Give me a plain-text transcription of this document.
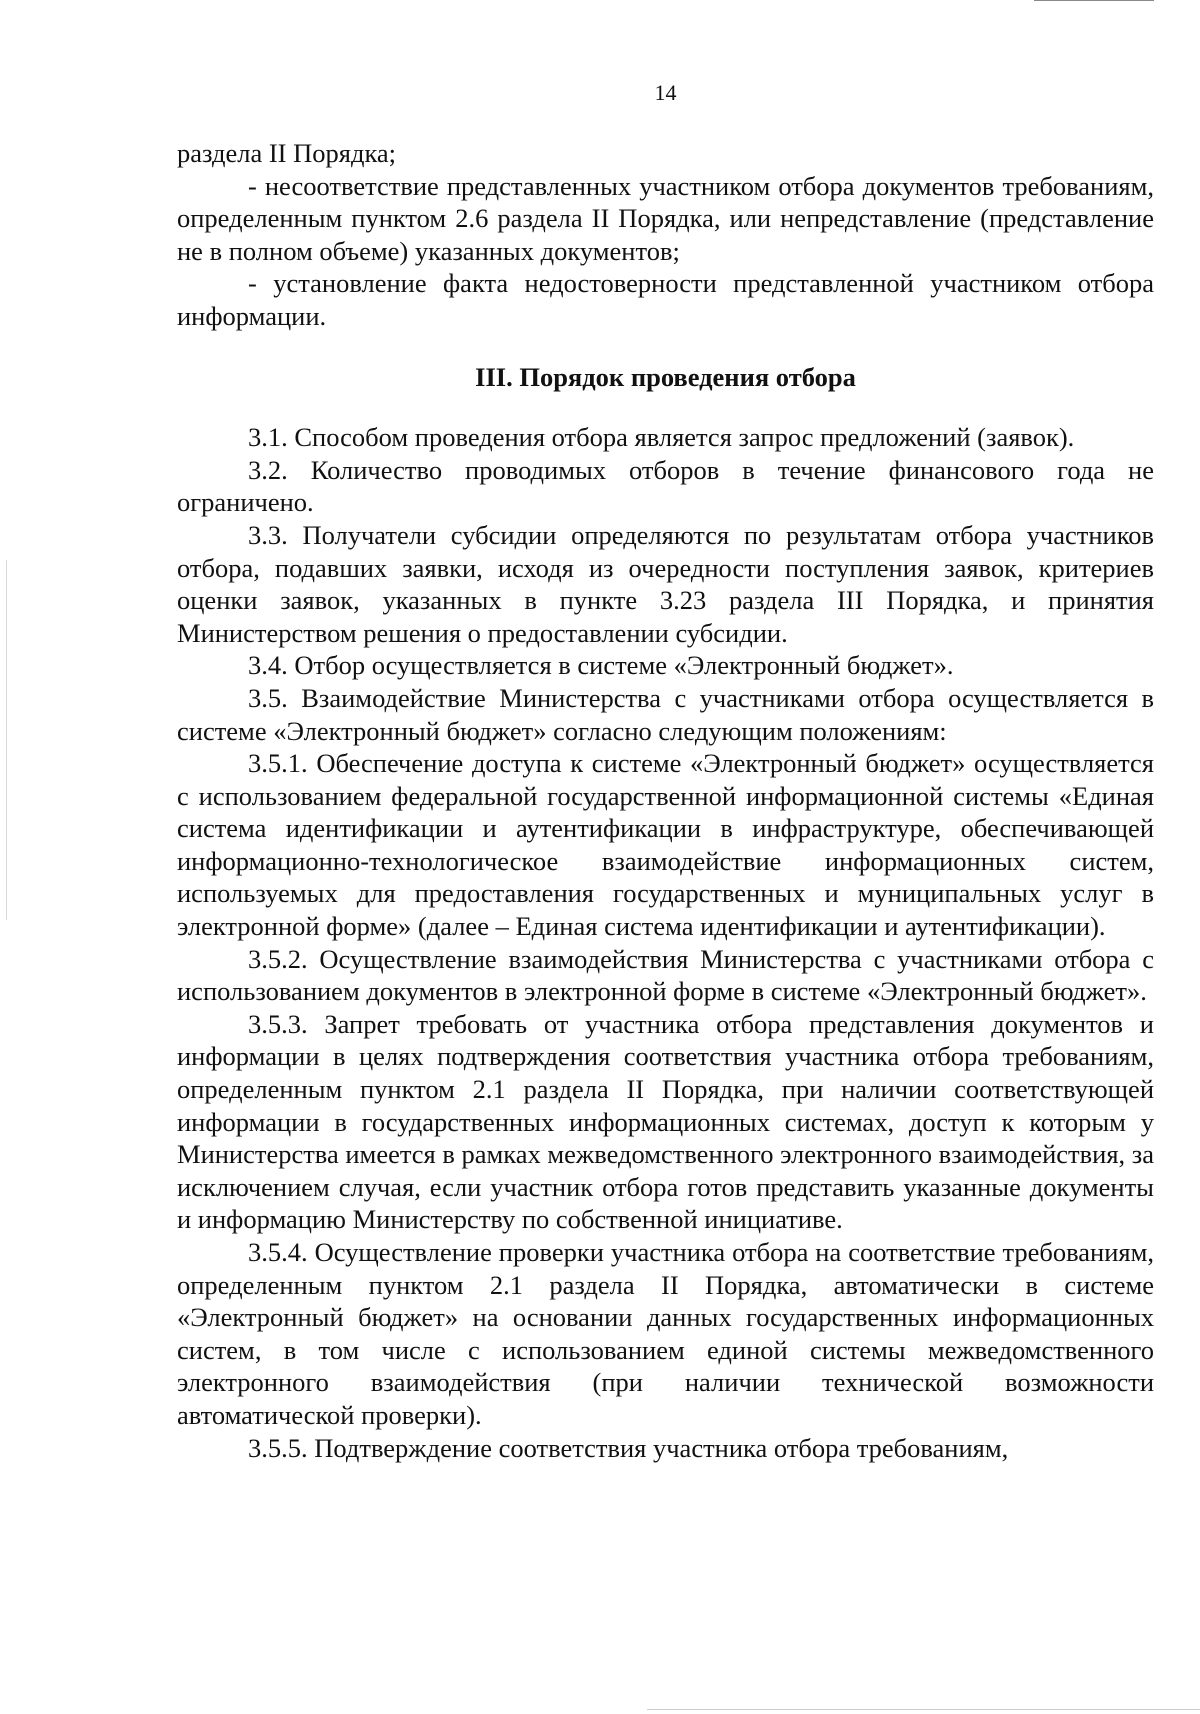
14

раздела II Порядка;

- несоответствие представленных участником отбора документов требованиям, определенным пунктом 2.6 раздела II Порядка, или непредставление (представление не в полном объеме) указанных документов;

- установление факта недостоверности представленной участником отбора информации.

III. Порядок проведения отбора

3.1. Способом проведения отбора является запрос предложений (заявок).

3.2. Количество проводимых отборов в течение финансового года не ограничено.

3.3. Получатели субсидии определяются по результатам отбора участников отбора, подавших заявки, исходя из очередности поступления заявок, критериев оценки заявок, указанных в пункте 3.23 раздела III Порядка, и принятия Министерством решения о предоставлении субсидии.

3.4. Отбор осуществляется в системе «Электронный бюджет».

3.5. Взаимодействие Министерства с участниками отбора осуществляется в системе «Электронный бюджет» согласно следующим положениям:

3.5.1. Обеспечение доступа к системе «Электронный бюджет» осуществляется с использованием федеральной государственной информационной системы «Единая система идентификации и аутентификации в инфраструктуре, обеспечивающей информационно-технологическое взаимодействие информационных систем, используемых для предоставления государственных и муниципальных услуг в электронной форме» (далее – Единая система идентификации и аутентификации).

3.5.2. Осуществление взаимодействия Министерства с участниками отбора с использованием документов в электронной форме в системе «Электронный бюджет».

3.5.3. Запрет требовать от участника отбора представления документов и информации в целях подтверждения соответствия участника отбора требованиям, определенным пунктом 2.1 раздела II Порядка, при наличии соответствующей информации в государственных информационных системах, доступ к которым у Министерства имеется в рамках межведомственного электронного взаимодействия, за исключением случая, если участник отбора готов представить указанные документы и информацию Министерству по собственной инициативе.

3.5.4. Осуществление проверки участника отбора на соответствие требованиям, определенным пунктом 2.1 раздела II Порядка, автоматически в системе «Электронный бюджет» на основании данных государственных информационных систем, в том числе с использованием единой системы межведомственного электронного взаимодействия (при наличии технической возможности автоматической проверки).

3.5.5. Подтверждение соответствия участника отбора требованиям,
